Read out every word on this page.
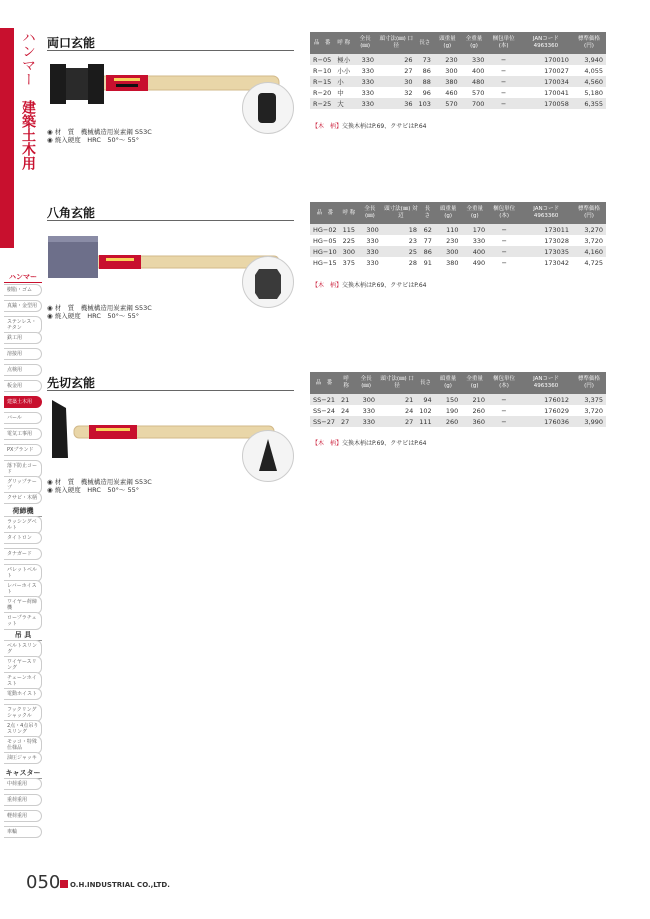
ハンマー
建築土木用
ハンマー
樹脂・ゴム
真鍮・金型用
ステンレス・チタン
鉄工用
溶接用
点検用
板金用
建築土木用
バール
電気工事用
PXブランド
落下防止コード
グリップテープ
クサビ・木柄
荷締機
ラッシングベルト
タイトロン
タナガード
パレットベルト
レバーホイスト
ワイヤー荷締機
ロープラチェット
吊 具
ベルトスリング
ワイヤースリング
チェーンホイスト
電動ホイスト
フックリングシャックル
2点・4点吊りスリング
モッコ・特殊仕様品
油圧ジャッキ
キャスター
中荷重用
重荷重用
軽荷重用
車輪
両口玄能
◉ 材　質　機械構造用炭素鋼 S53C
◉ 焼入硬度　HRC　50°〜 55°
品　番	呼 称	全長(㎜)	頭寸法(㎜) 口径	長さ	頭重量(g)	全重量(g)	梱包単位(本)	JANコード 4963360	標準価格(円)
R−05	極小	330	26	73	230	330	−	170010	3,940
R−10	小小	330	27	86	300	400	−	170027	4,055
R−15	小	330	30	88	380	480	−	170034	4,560
R−20	中	330	32	96	460	570	−	170041	5,180
R−25	大	330	36	103	570	700	−	170058	6,355
【木　柄】交換木柄はP.69、クサビはP.64
八角玄能
◉ 材　質　機械構造用炭素鋼 S53C
◉ 焼入硬度　HRC　50°〜 55°
品　番	呼 称	全長(㎜)	頭寸法(㎜) 対辺	長さ	頭重量(g)	全重量(g)	梱包単位(本)	JANコード 4963360	標準価格(円)
HG−02	115	300	18	62	110	170	−	173011	3,270
HG−05	225	330	23	77	230	330	−	173028	3,720
HG−10	300	330	25	86	300	400	−	173035	4,160
HG−15	375	330	28	91	380	490	−	173042	4,725
【木　柄】交換木柄はP.69、クサビはP.64
先切玄能
◉ 材　質　機械構造用炭素鋼 S53C
◉ 焼入硬度　HRC　50°〜 55°
品　番	呼 称	全長(㎜)	頭寸法(㎜) 口径	長さ	頭重量(g)	全重量(g)	梱包単位(本)	JANコード 4963360	標準価格(円)
SS−21	21	300	21	94	150	210	−	176012	3,375
SS−24	24	330	24	102	190	260	−	176029	3,720
SS−27	27	330	27	111	260	360	−	176036	3,990
【木　柄】交換木柄はP.69、クサビはP.64
050 O.H.INDUSTRIAL CO.,LTD.
